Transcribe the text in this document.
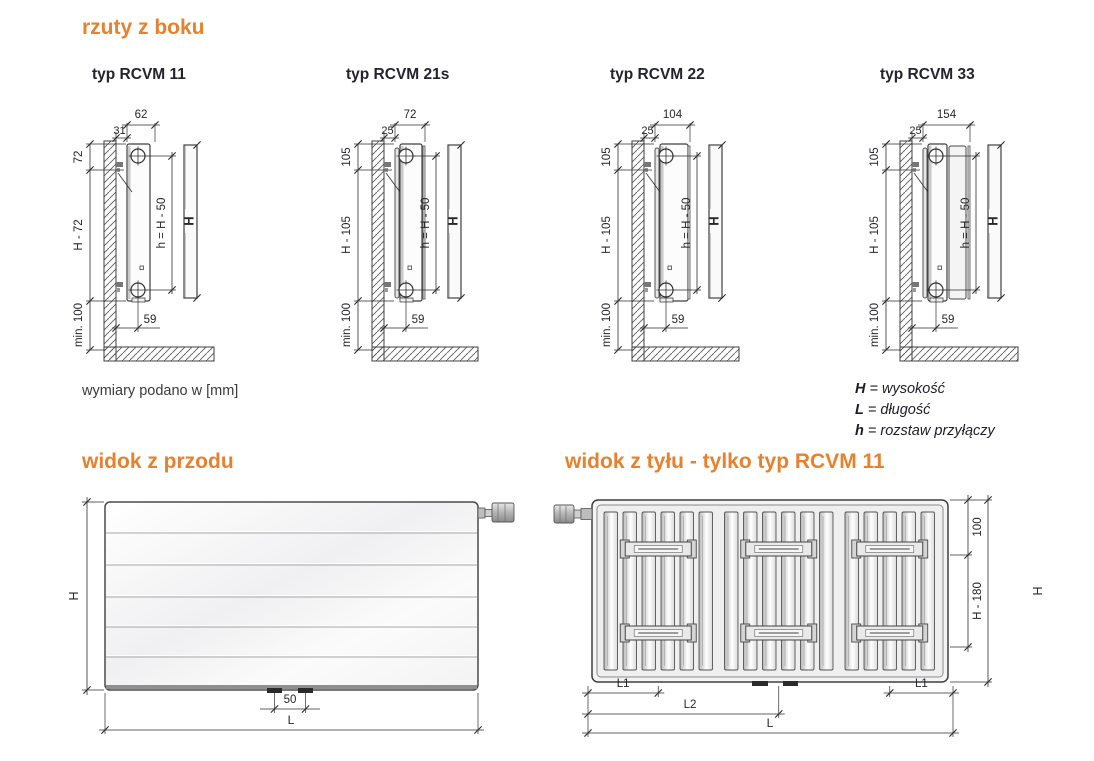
rzuty z boku
typ RCVM 11
62
31
72
H - 72
min. 100
h = H - 50 H
59
typ RCVM 21s
72
25
105
H - 105
min. 100
h = H - 50 H
59
typ RCVM 22
104
25
105
H - 105
min. 100
h = H - 50 H
59
typ RCVM 33
154
25
105
H - 105
min. 100
h = H - 50 H
59
wymiary podano w [mm]	H = wysokość
L = długość
h = rozstaw przyłączy
widok z przodu	widok z tyłu - tylko typ RCVM 11
H
50
L
100
H - 180	H
L1	L1
L2
L
